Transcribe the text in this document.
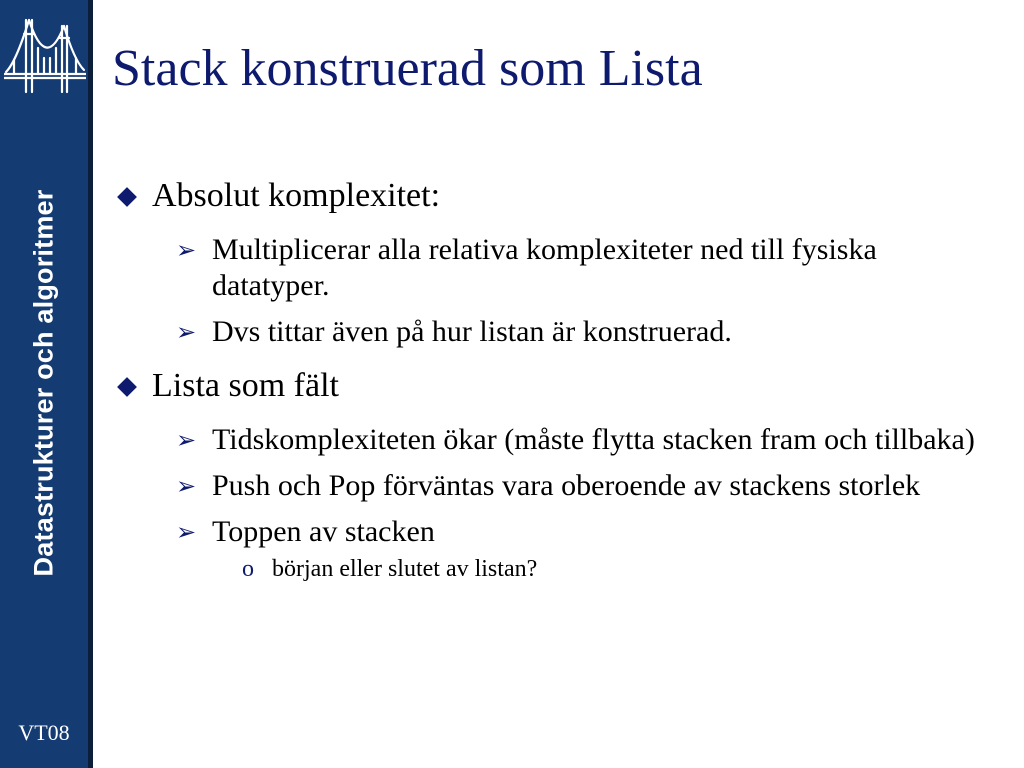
Datastrukturer och algoritmer
VT08
Stack konstruerad som Lista
Absolut komplexitet:
➢ Multiplicerar alla relativa komplexiteter ned till fysiska datatyper.
➢ Dvs tittar även på hur listan är konstruerad.
Lista som fält
➢ Tidskomplexiteten ökar (måste flytta stacken fram och tillbaka)
➢ Push och Pop förväntas vara oberoende av stackens storlek
➢ Toppen av stacken
o början eller slutet av listan?
